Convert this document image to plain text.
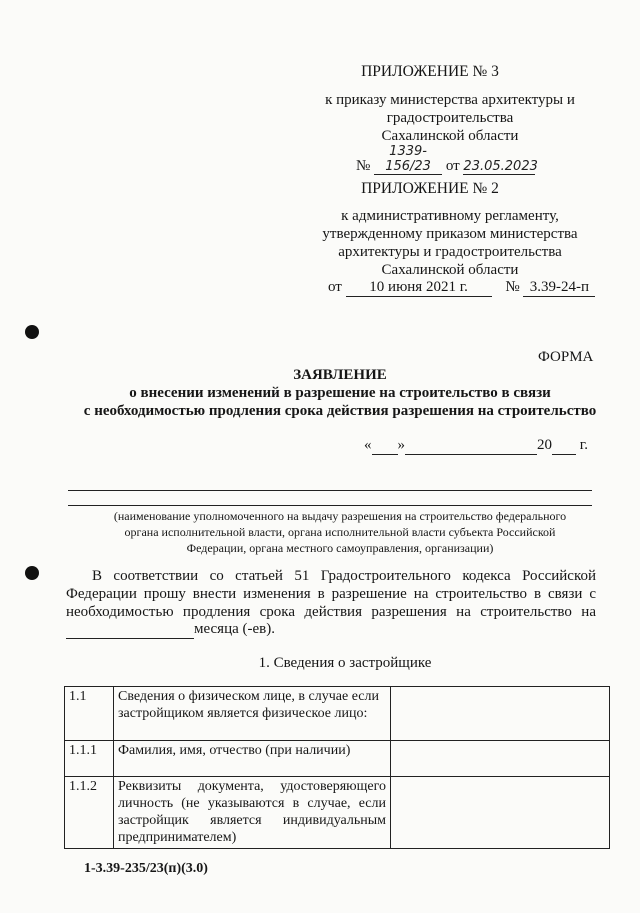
ПРИЛОЖЕНИЕ № 3
к приказу министерства архитектуры и
градостроительства
Сахалинской области
№ 1339-156/23 от 23.05.2023
ПРИЛОЖЕНИЕ № 2
к административному регламенту,
утвержденному приказом министерства
архитектуры и градостроительства
Сахалинской области
от 10 июня 2021 г. № 3.39-24-п
ФОРМА
ЗАЯВЛЕНИЕ
о внесении изменений в разрешение на строительство в связи
с необходимостью продления срока действия разрешения на строительство
« »	20 г.
(наименование уполномоченного на выдачу разрешения на строительство федерального
органа исполнительной власти, органа исполнительной власти субъекта Российской
Федерации, органа местного самоуправления, организации)
В соответствии со статьей 51 Градостроительного кодекса Российской
Федерации прошу внести изменения в разрешение на строительство в связи с
необходимостью продления срока действия разрешения на строительство на
месяца (-ев).
1. Сведения о застройщике
1.1	Сведения о физическом лице, в случае если застройщиком является физическое лицо:	
1.1.1	Фамилия, имя, отчество (при наличии)	
1.1.2	Реквизиты документа, удостоверяющего личность (не указываются в случае, если застройщик является индивидуальным предпринимателем)	
1-3.39-235/23(п)(3.0)
